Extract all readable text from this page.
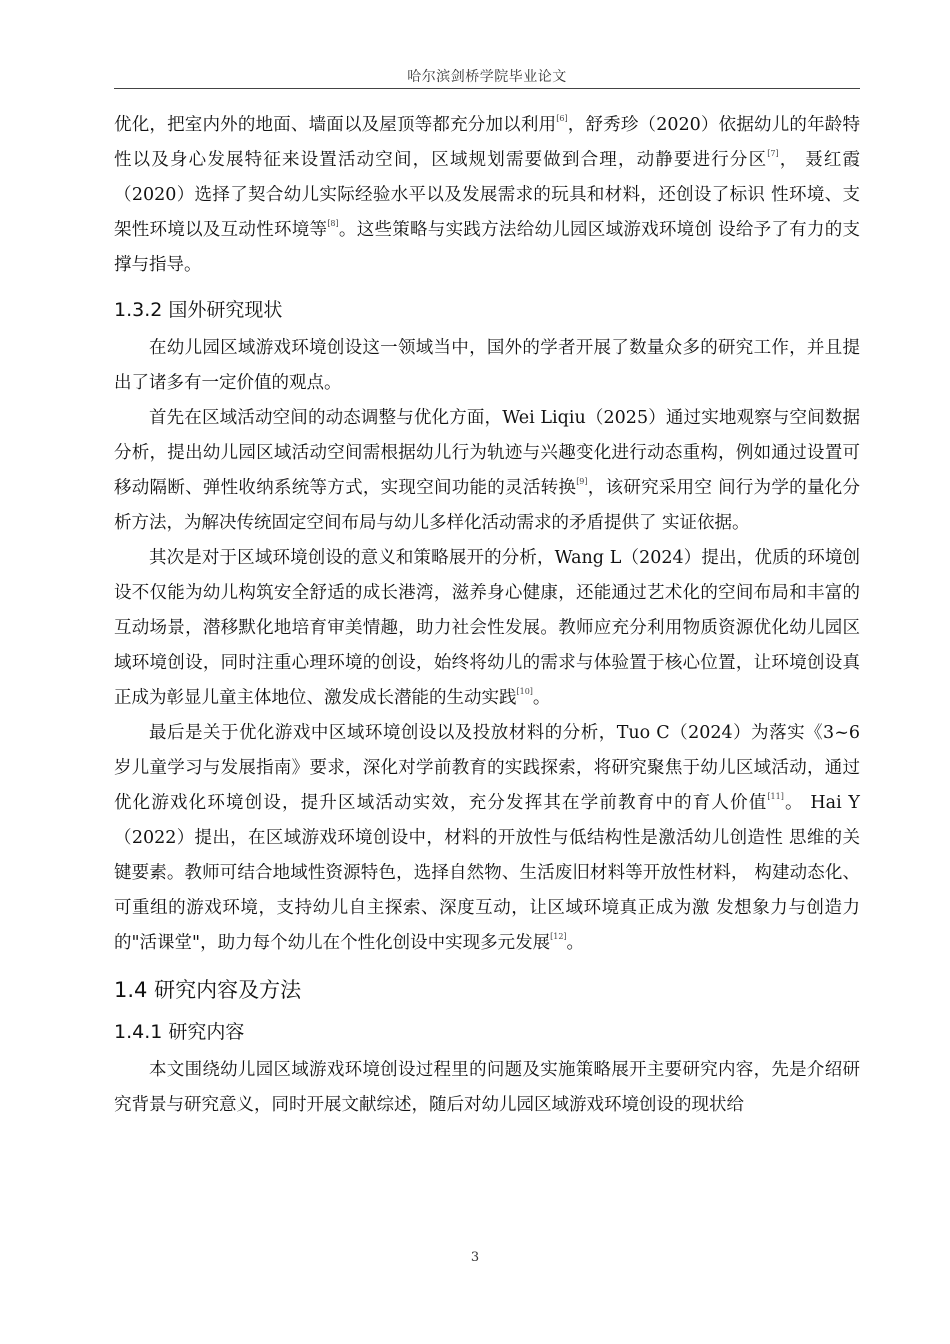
哈尔滨剑桥学院毕业论文

优化，把室内外的地面、墙面以及屋顶等都充分加以利用[6]，舒秀珍（2020）依据幼儿的年龄特性以及身心发展特征来设置活动空间，区域规划需要做到合理，动静要进行分区[7]， 聂红霞（2020）选择了契合幼儿实际经验水平以及发展需求的玩具和材料，还创设了标识 性环境、支架性环境以及互动性环境等[8]。这些策略与实践方法给幼儿园区域游戏环境创 设给予了有力的支撑与指导。

1.3.2 国外研究现状

在幼儿园区域游戏环境创设这一领域当中，国外的学者开展了数量众多的研究工作，并且提出了诸多有一定价值的观点。

首先在区域活动空间的动态调整与优化方面，Wei Liqiu（2025）通过实地观察与空间数据分析，提出幼儿园区域活动空间需根据幼儿行为轨迹与兴趣变化进行动态重构，例如通过设置可移动隔断、弹性收纳系统等方式，实现空间功能的灵活转换[9]，该研究采用空 间行为学的量化分析方法，为解决传统固定空间布局与幼儿多样化活动需求的矛盾提供了 实证依据。

其次是对于区域环境创设的意义和策略展开的分析，Wang L（2024）提出，优质的环境创设不仅能为幼儿构筑安全舒适的成长港湾，滋养身心健康，还能通过艺术化的空间布局和丰富的互动场景，潜移默化地培育审美情趣，助力社会性发展。教师应充分利用物质资源优化幼儿园区域环境创设，同时注重心理环境的创设，始终将幼儿的需求与体验置于核心位置，让环境创设真正成为彰显儿童主体地位、激发成长潜能的生动实践[10]。

最后是关于优化游戏中区域环境创设以及投放材料的分析，Tuo C（2024）为落实《3~6岁儿童学习与发展指南》要求，深化对学前教育的实践探索，将研究聚焦于幼儿区域活动，通过优化游戏化环境创设，提升区域活动实效，充分发挥其在学前教育中的育人价值[11]。 Hai Y（2022）提出，在区域游戏环境创设中，材料的开放性与低结构性是激活幼儿创造性 思维的关键要素。教师可结合地域性资源特色，选择自然物、生活废旧材料等开放性材料， 构建动态化、可重组的游戏环境，支持幼儿自主探索、深度互动，让区域环境真正成为激 发想象力与创造力的"活课堂"，助力每个幼儿在个性化创设中实现多元发展[12]。

1.4 研究内容及方法
1.4.1 研究内容

本文围绕幼儿园区域游戏环境创设过程里的问题及实施策略展开主要研究内容，先是介绍研究背景与研究意义，同时开展文献综述，随后对幼儿园区域游戏环境创设的现状给

3
